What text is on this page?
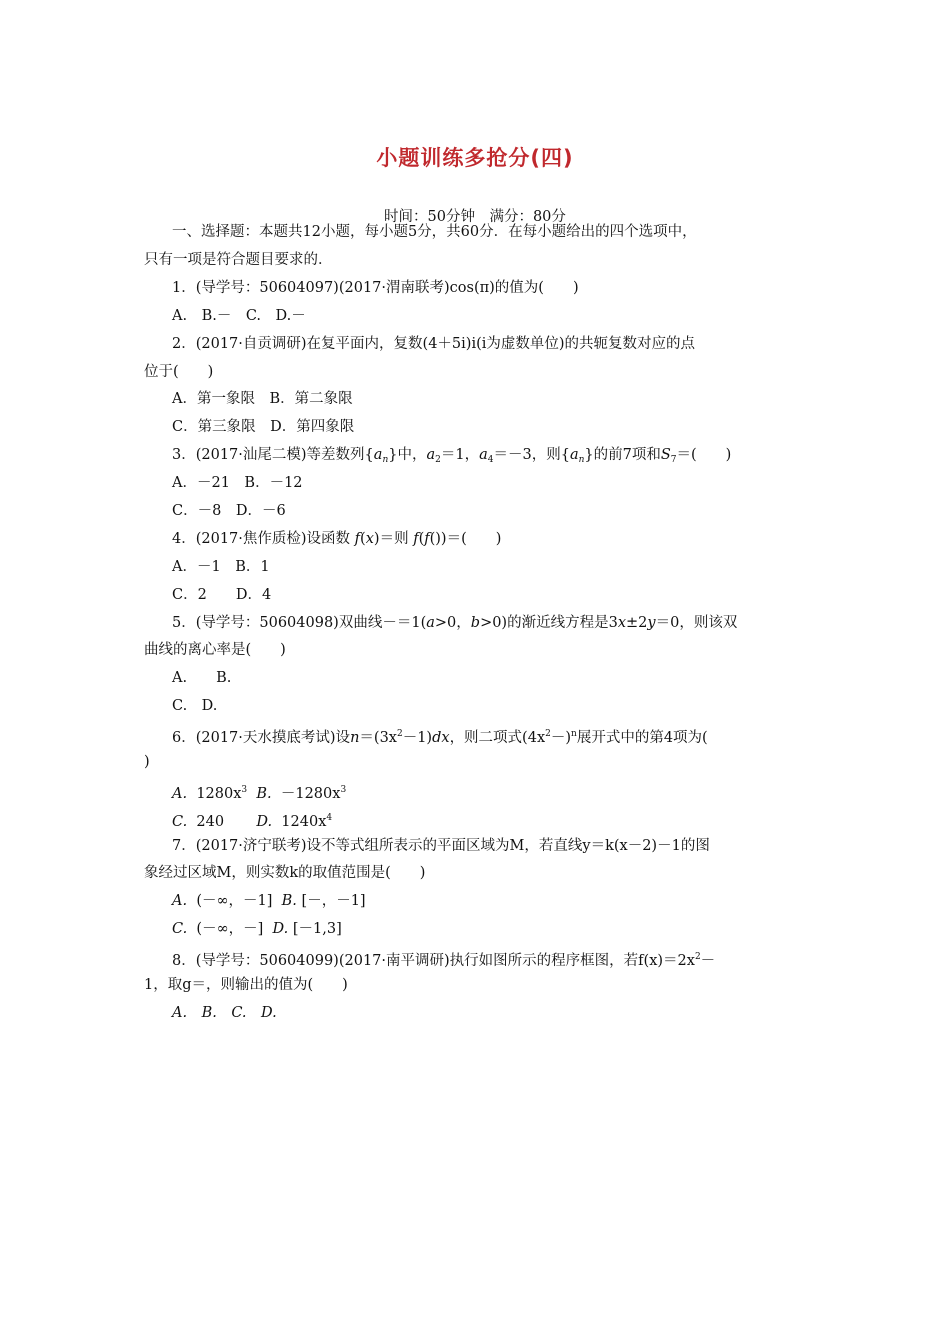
小题训练多抢分(四)
时间：50分钟　满分：80分
一、选择题：本题共12小题，每小题5分，共60分．在每小题给出的四个选项中，
只有一项是符合题目要求的．
1．(导学号：50604097)(2017·渭南联考)cos(π)的值为(　　)
A.　B.－　C.　D.－
2．(2017·自贡调研)在复平面内，复数(4＋5i)i(i为虚数单位)的共轭复数对应的点
位于(　　)
A．第一象限　B．第二象限
C．第三象限　D．第四象限
3．(2017·汕尾二模)等差数列$\{a_n\}$中，$a_2=1$，$a_4=-3$，则$\{a_n\}$的前7项和$S_7=$(　　)
A．－21　B．－12
C．－8　D．－6
4．(2017·焦作质检)设函数 f(x)＝则 f(f())＝(　　)
A．－1　B．1
C．2　　D．4
5．(导学号：50604098)双曲线－＝1(a>0，b>0)的渐近线方程是3x±2y＝0，则该双
曲线的离心率是(　　)
A.　　B.
C.　D.
6．(2017·天水摸底考试)设$n=(3x^2-1)dx$，则二项式$(4x^2-)^n$展开式中的第4项为(
)
A. $1280x^3$ B. $-1280x^3$
C. 240 D. $1240x^4$
7．(2017·济宁联考)设不等式组所表示的平面区域为M，若直线y＝k(x－2)－1的图
象经过区域M，则实数k的取值范围是(　　)
A. (－∞，－1] B. [－，－1]
C. (－∞，－] D. [－1,3]
8．(导学号：50604099)(2017·南平调研)执行如图所示的程序框图，若$f(x)=2x^2-$
1，取g＝，则输出的值为(　　)
A.　B.　C.　D.
